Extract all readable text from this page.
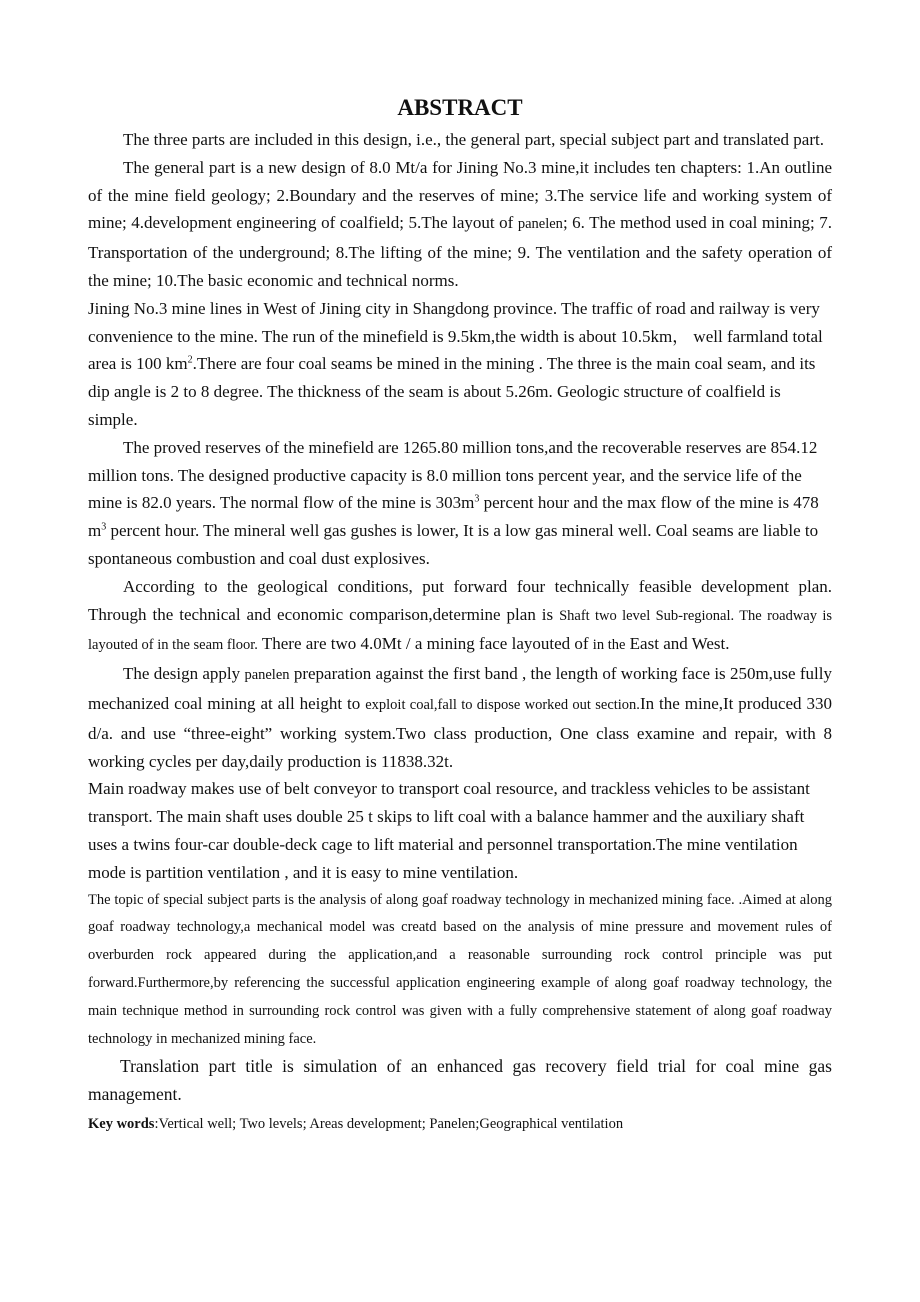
ABSTRACT

The three parts are included in this design, i.e., the general part, special subject part and translated part.

The general part is a new design of 8.0 Mt/a for Jining No.3 mine,it includes ten chapters: 1.An outline of the mine field geology; 2.Boundary and the reserves of mine; 3.The service life and working system of mine; 4.development engineering of coalfield; 5.The layout of panelen; 6. The method used in coal mining; 7. Transportation of the underground; 8.The lifting of the mine; 9. The ventilation and the safety operation of the mine; 10.The basic economic and technical norms.

Jining No.3 mine lines in West of Jining city in Shangdong province. The traffic of road and railway is very convenience to the mine. The run of the minefield is 9.5km,the width is about 10.5km， well farmland total area is 100 $km^2.There$ are four coal seams be mined in the mining . The three is the main coal seam, and its dip angle is 2 to 8 degree. The thickness of the seam is about 5.26m. Geologic structure of coalfield is simple.

The proved reserves of the minefield are 1265.80 million tons,and the recoverable reserves are 854.12 million tons. The designed productive capacity is 8.0 million tons percent year, and the service life of the mine is 82.0 years. The normal flow of the mine is $303m^3$ percent hour and the max flow of the mine is 478 $m^3$ percent hour. The mineral well gas gushes is lower, It is a low gas mineral well. Coal seams are liable to spontaneous combustion and coal dust explosives.

According to the geological conditions, put forward four technically feasible development plan. Through the technical and economic comparison,determine plan is Shaft two level Sub-regional. The roadway is layouted of in the seam floor. There are two 4.0Mt / a mining face layouted of in the East and West.

The design apply panelen preparation against the first band , the length of working face is 250m,use fully mechanized coal mining at all height to exploit coal,fall to dispose worked out section.In the mine,It produced 330 d/a. and use “three-eight” working system.Two class production, One class examine and repair, with 8 working cycles per day,daily production is 11838.32t.

Main roadway makes use of belt conveyor to transport coal resource, and trackless vehicles to be assistant transport. The main shaft uses double 25 t skips to lift coal with a balance hammer and the auxiliary shaft uses a twins four-car double-deck cage to lift material and personnel transportation.The mine ventilation mode is partition ventilation , and it is easy to mine ventilation.

The topic of special subject parts is the analysis of along goaf roadway technology in mechanized mining face. .Aimed at along goaf roadway technology,a mechanical model was creatd based on the analysis of mine pressure and movement rules of overburden rock appeared during the application,and a reasonable surrounding rock control principle was put forward.Furthermore,by referencing the successful application engineering example of along goaf roadway technology, the main technique method in surrounding rock control was given with a fully comprehensive statement of along goaf roadway technology in mechanized mining face.

Translation part title is simulation of an enhanced gas recovery field trial for coal mine gas management.

Key words:Vertical well; Two levels; Areas development; Panelen;Geographical ventilation
